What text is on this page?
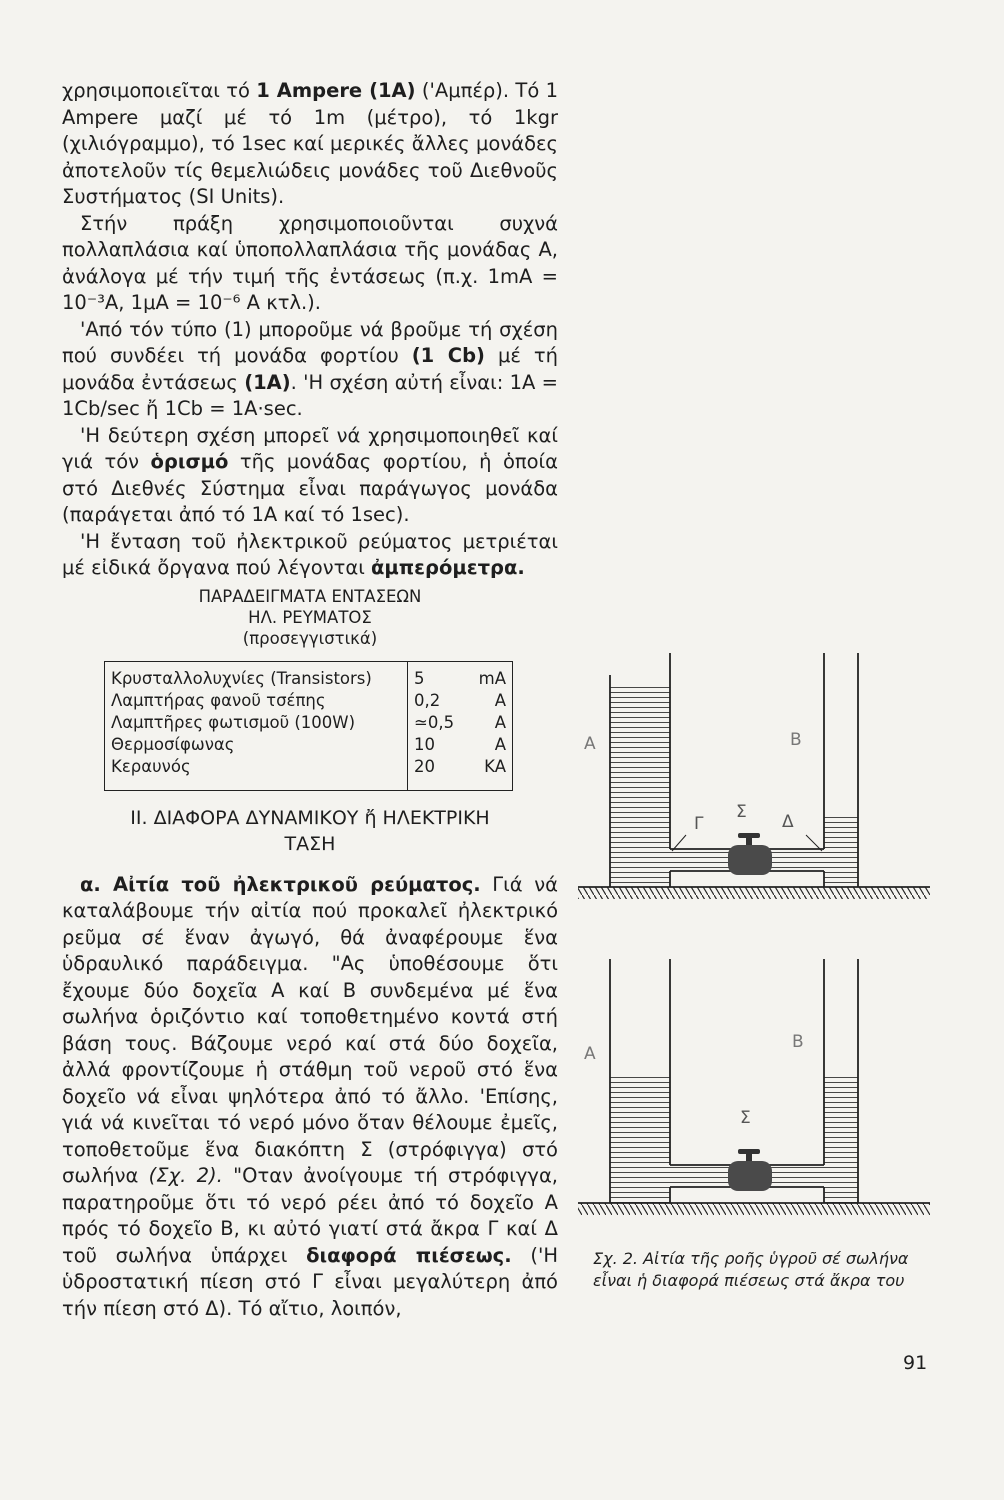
χρησιμοποιεῖται τό 1 Ampere (1A) ('Αμπέρ). Τό 1 Ampere μαζί μέ τό 1m (μέτρο), τό 1kgr (χιλιόγραμμο), τό 1sec καί μερικές ἄλλες μονάδες ἀποτελοῦν τίς θεμελιώδεις μονάδες τοῦ Διεθνοῦς Συστήματος (SI Units).

Στήν πράξη χρησιμοποιοῦνται συχνά πολλαπλάσια καί ὑποπολλαπλάσια τῆς μονάδας A, ἀνάλογα μέ τήν τιμή τῆς ἐντάσεως (π.χ. 1mA = 10⁻³A, 1μA = 10⁻⁶ A κτλ.).

'Από τόν τύπο (1) μποροῦμε νά βροῦμε τή σχέση πού συνδέει τή μονάδα φορτίου (1 Cb) μέ τή μονάδα ἐντάσεως (1A). 'Η σχέση αὐτή εἶναι: 1A = 1Cb/sec ἤ 1Cb = 1A·sec.

'Η δεύτερη σχέση μπορεῖ νά χρησιμοποιηθεῖ καί γιά τόν ὁρισμό τῆς μονάδας φορτίου, ἡ ὁποία στό Διεθνές Σύστημα εἶναι παράγωγος μονάδα (παράγεται ἀπό τό 1A καί τό 1sec).

'Η ἔνταση τοῦ ἠλεκτρικοῦ ρεύματος μετριέται μέ εἰδικά ὄργανα πού λέγονται ἀμπερόμετρα.

ΠΑΡΑΔΕΙΓΜΑΤΑ ΕΝΤΑΣΕΩΝ
ΗΛ. ΡΕΥΜΑΤΟΣ
(προσεγγιστικά)
Κρυσταλλολυχνίες (Transistors)	5	mA
Λαμπτήρας φανοῦ τσέπης	0,2	A
Λαμπτῆρες φωτισμοῦ (100W)	≃0,5	A
Θερμοσίφωνας	10	A
Κεραυνός	20	KA
II. ΔΙΑΦΟΡΑ ΔΥΝΑΜΙΚΟΥ ἤ ΗΛΕΚΤΡΙΚΗ
ΤΑΣΗ

α. Αἰτία τοῦ ἠλεκτρικοῦ ρεύματος. Γιά νά καταλάβουμε τήν αἰτία πού προκαλεῖ ἠλεκτρικό ρεῦμα σέ ἕναν ἀγωγό, θά ἀναφέρουμε ἕνα ὑδραυλικό παράδειγμα. "Ας ὑποθέσουμε ὅτι ἔχουμε δύο δοχεῖα A καί B συνδεμένα μέ ἕνα σωλήνα ὁριζόντιο καί τοποθετημένο κοντά στή βάση τους. Βάζουμε νερό καί στά δύο δοχεῖα, ἀλλά φροντίζουμε ἡ στάθμη τοῦ νεροῦ στό ἕνα δοχεῖο νά εἶναι ψηλότερα ἀπό τό ἄλλο. 'Επίσης, γιά νά κινεῖται τό νερό μόνο ὅταν θέλουμε ἐμεῖς, τοποθετοῦμε ἕνα διακόπτη Σ (στρόφιγγα) στό σωλήνα (Σχ. 2). "Οταν ἀνοίγουμε τή στρόφιγγα, παρατηροῦμε ὅτι τό νερό ρέει ἀπό τό δοχεῖο A πρός τό δοχεῖο B, κι αὐτό γιατί στά ἄκρα Γ καί Δ τοῦ σωλήνα ὑπάρχει διαφορά πιέσεως. ('Η ὑδροστατική πίεση στό Γ εἶναι μεγαλύτερη ἀπό τήν πίεση στό Δ). Τό αἴτιο, λοιπόν,

A	B
Γ
Σ Δ
A
B
Σ
Σχ. 2. Αἰτία τῆς ροῆς ὑγροῦ σέ σωλήνα εἶναι ἡ διαφορά πιέσεως στά ἄκρα του
91
